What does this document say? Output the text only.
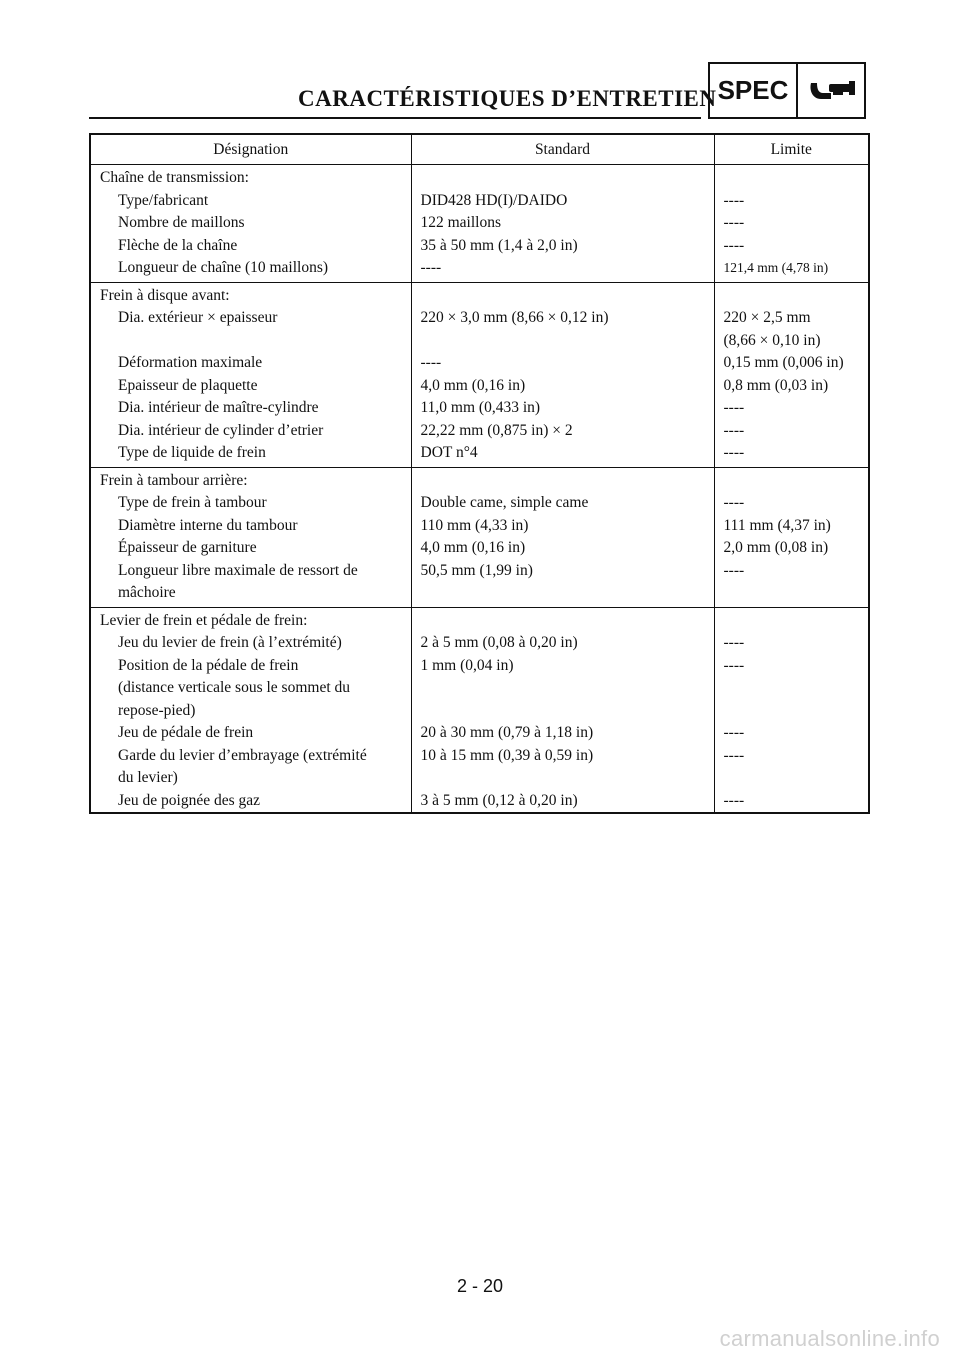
CARACTÉRISTIQUES D’ENTRETIEN SPEC
Désignation	Standard	Limite
Chaîne de transmission:		
Type/fabricant	DID428 HD(I)/DAIDO	----
Nombre de maillons	122 maillons	----
Flèche de la chaîne	35 à 50 mm (1,4 à 2,0 in)	----
Longueur de chaîne (10 maillons)	----	121,4 mm (4,78 in)
Frein à disque avant:		
Dia. extérieur × epaisseur	220 × 3,0 mm (8,66 × 0,12 in)	220 × 2,5 mm
(8,66 × 0,10 in)

Déformation maximale	----	0,15 mm (0,006 in)
Epaisseur de plaquette	4,0 mm (0,16 in)	0,8 mm (0,03 in)
Dia. intérieur de maître-cylindre	11,0 mm (0,433 in)	----
Dia. intérieur de cylinder d’etrier	22,22 mm (0,875 in) × 2	----
Type de liquide de frein	DOT n°4	----
Frein à tambour arrière:		
Type de frein à tambour	Double came, simple came	----
Diamètre interne du tambour	110 mm (4,33 in)	111 mm (4,37 in)
Épaisseur de garniture	4,0 mm (0,16 in)	2,0 mm (0,08 in)

Longueur libre maximale de ressort de
mâchoire	50,5 mm (1,99 in)	----
Levier de frein et pédale de frein:		
Jeu du levier de frein (à l’extrémité)	2 à 5 mm (0,08 à 0,20 in)	----

Position de la pédale de frein
(distance verticale sous le sommet du
repose-pied)	1 mm (0,04 in)	----
Jeu de pédale de frein	20 à 30 mm (0,79 à 1,18 in)	----

Garde du levier d’embrayage (extrémité
du levier)	10 à 15 mm (0,39 à 0,59 in)	----
Jeu de poignée des gaz	3 à 5 mm (0,12 à 0,20 in)	----
2 - 20
carmanualsonline.info
